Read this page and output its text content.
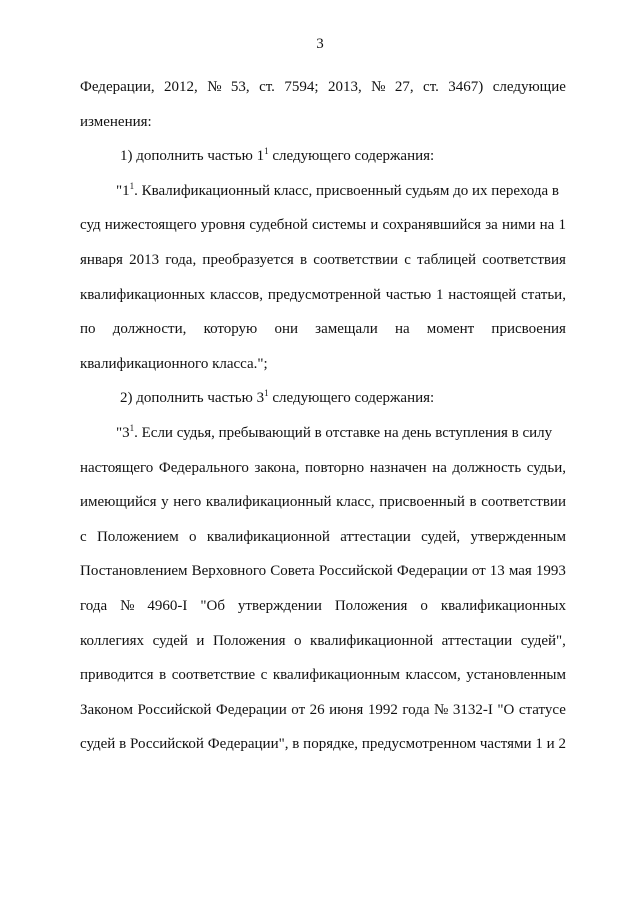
3
Федерации, 2012, № 53, ст. 7594; 2013, № 27, ст. 3467) следующие
изменения:
1) дополнить частью $1^1$ следующего содержания:
"$1^1$. Квалификационный класс, присвоенный судьям до их перехода в
суд нижестоящего уровня судебной системы и сохранявшийся за ними на 1
января 2013 года, преобразуется в соответствии с таблицей соответствия
квалификационных классов, предусмотренной частью 1 настоящей статьи,
по должности, которую они замещали на момент присвоения
квалификационного класса.";
2) дополнить частью $3^1$ следующего содержания:
"$3^1$. Если судья, пребывающий в отставке на день вступления в силу
настоящего Федерального закона, повторно назначен на должность судьи,
имеющийся у него квалификационный класс, присвоенный в соответствии
с Положением о квалификационной аттестации судей, утвержденным
Постановлением Верховного Совета Российской Федерации от 13 мая 1993
года № 4960-I "Об утверждении Положения о квалификационных
коллегиях судей и Положения о квалификационной аттестации судей",
приводится в соответствие с квалификационным классом, установленным
Законом Российской Федерации от 26 июня 1992 года № 3132-I "О статусе
судей в Российской Федерации", в порядке, предусмотренном частями 1 и 2
